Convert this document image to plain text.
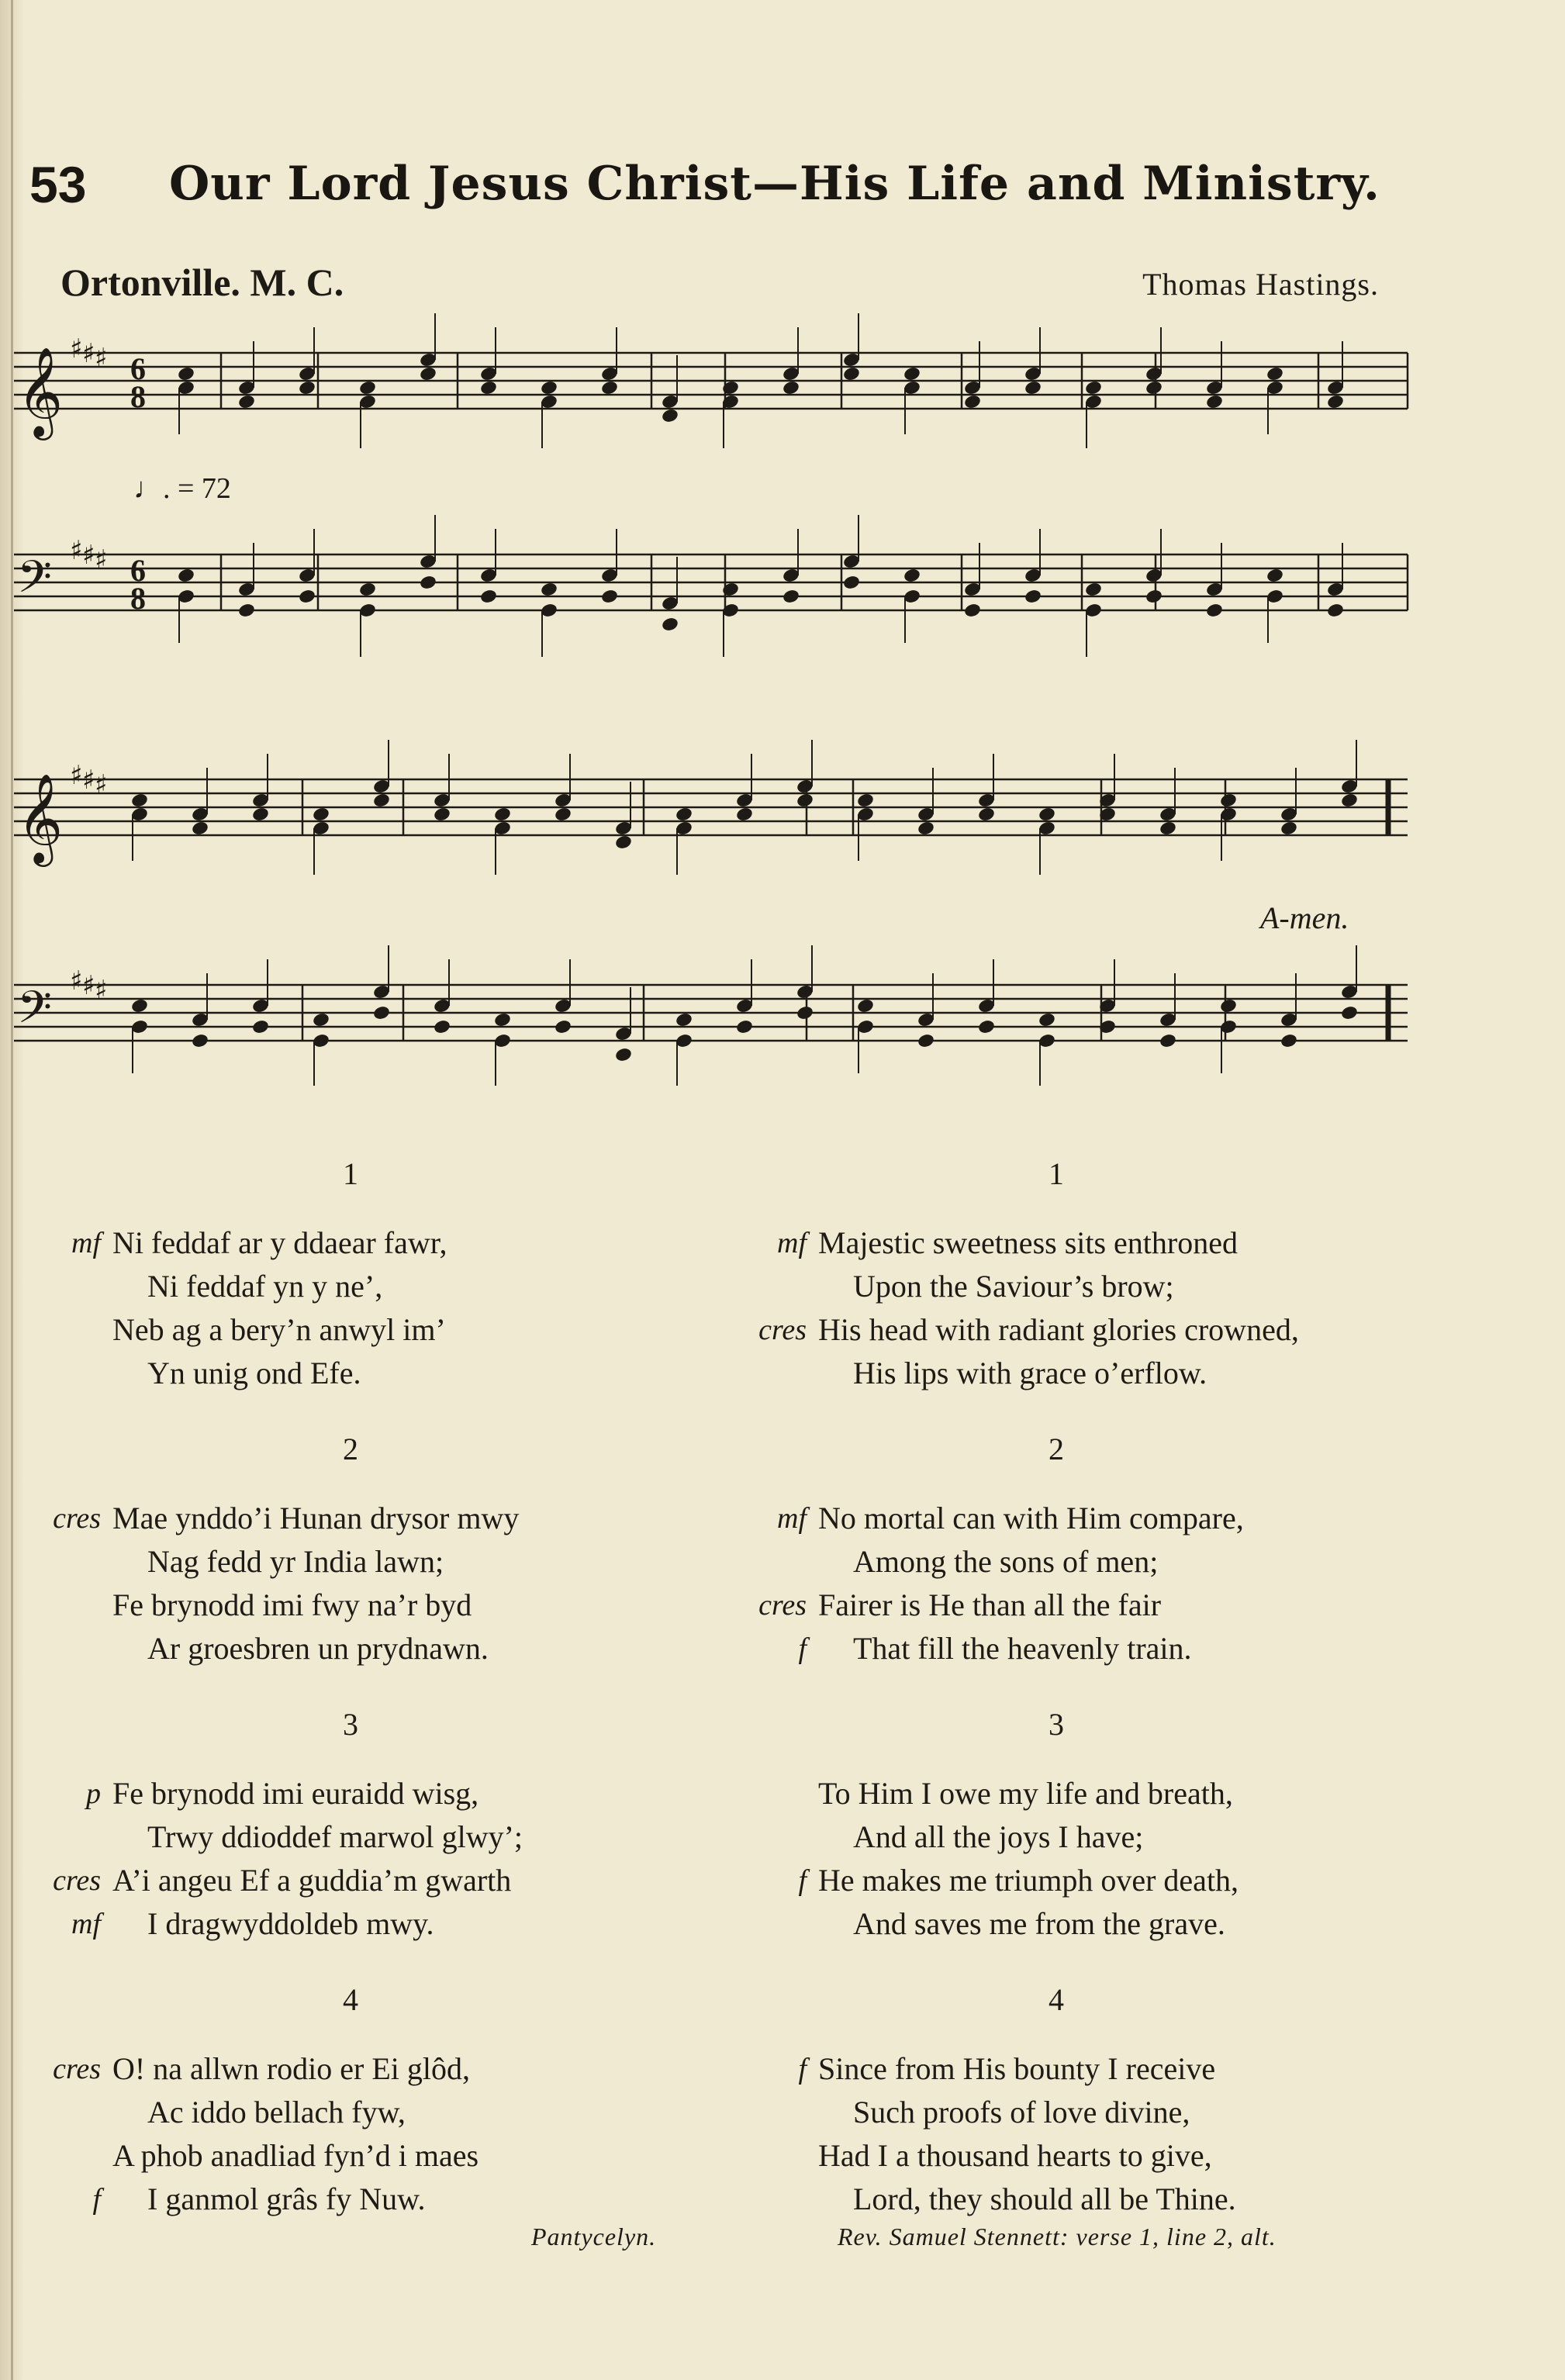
53 Our Lord Jesus Christ—His Life and Ministry.
Ortonville. M. C.	Thomas Hastings.
𝄞 ♯ ♯ ♯ 6
8
𝄢 ♯ ♯ ♯ 6
8
𝄞 ♯ ♯ ♯
𝄢 ♯ ♯ ♯
♩. = 72
A-men.
1	1
2	2
3	3
4	4
mf Ni feddaf ar y ddaear fawr,
Ni feddaf yn y ne’,
Neb ag a bery’n anwyl im’
Yn unig ond Efe.
cres Mae ynddo’i Hunan drysor mwy
Nag fedd yr India lawn;
Fe brynodd imi fwy na’r byd
Ar groesbren un prydnawn.
p Fe brynodd imi euraidd wisg,
Trwy ddioddef marwol glwy’;
cres A’i angeu Ef a guddia’m gwarth
mf I dragwyddoldeb mwy.
cres O! na allwn rodio er Ei glôd,
Ac iddo bellach fyw,
A phob anadliad fyn’d i maes
f I ganmol grâs fy Nuw.
Pantycelyn.
mf Majestic sweetness sits enthroned
Upon the Saviour’s brow;
cres His head with radiant glories crowned,
His lips with grace o’erflow.
mf No mortal can with Him compare,
Among the sons of men;
cres Fairer is He than all the fair
f That fill the heavenly train.
To Him I owe my life and breath,
And all the joys I have;
f He makes me triumph over death,
And saves me from the grave.
f Since from His bounty I receive
Such proofs of love divine,
Had I a thousand hearts to give,
Lord, they should all be Thine.
Rev. Samuel Stennett: verse 1, line 2, alt.
